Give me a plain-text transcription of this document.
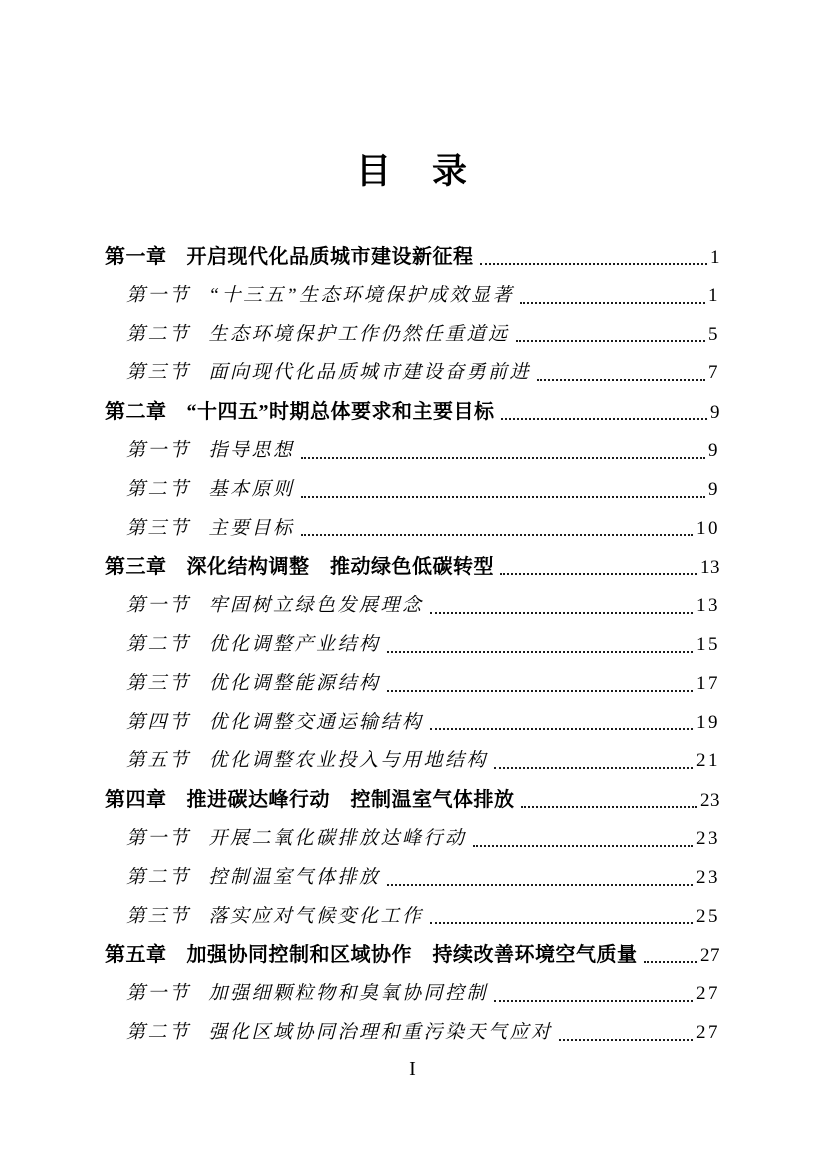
目　录
第一章 开启现代化品质城市建设新征程	1
第一节 “十三五”生态环境保护成效显著	1
第二节 生态环境保护工作仍然任重道远	5
第三节 面向现代化品质城市建设奋勇前进	7
第二章 “十四五”时期总体要求和主要目标	9
第一节 指导思想	9
第二节 基本原则	9
第三节 主要目标	10
第三章 深化结构调整　推动绿色低碳转型	13
第一节 牢固树立绿色发展理念	13
第二节 优化调整产业结构	15
第三节 优化调整能源结构	17
第四节 优化调整交通运输结构	19
第五节 优化调整农业投入与用地结构	21
第四章 推进碳达峰行动　控制温室气体排放	23
第一节 开展二氧化碳排放达峰行动	23
第二节 控制温室气体排放	23
第三节 落实应对气候变化工作	25
第五章 加强协同控制和区域协作　持续改善环境空气质量	27
第一节 加强细颗粒物和臭氧协同控制	27
第二节 强化区域协同治理和重污染天气应对	27
I
